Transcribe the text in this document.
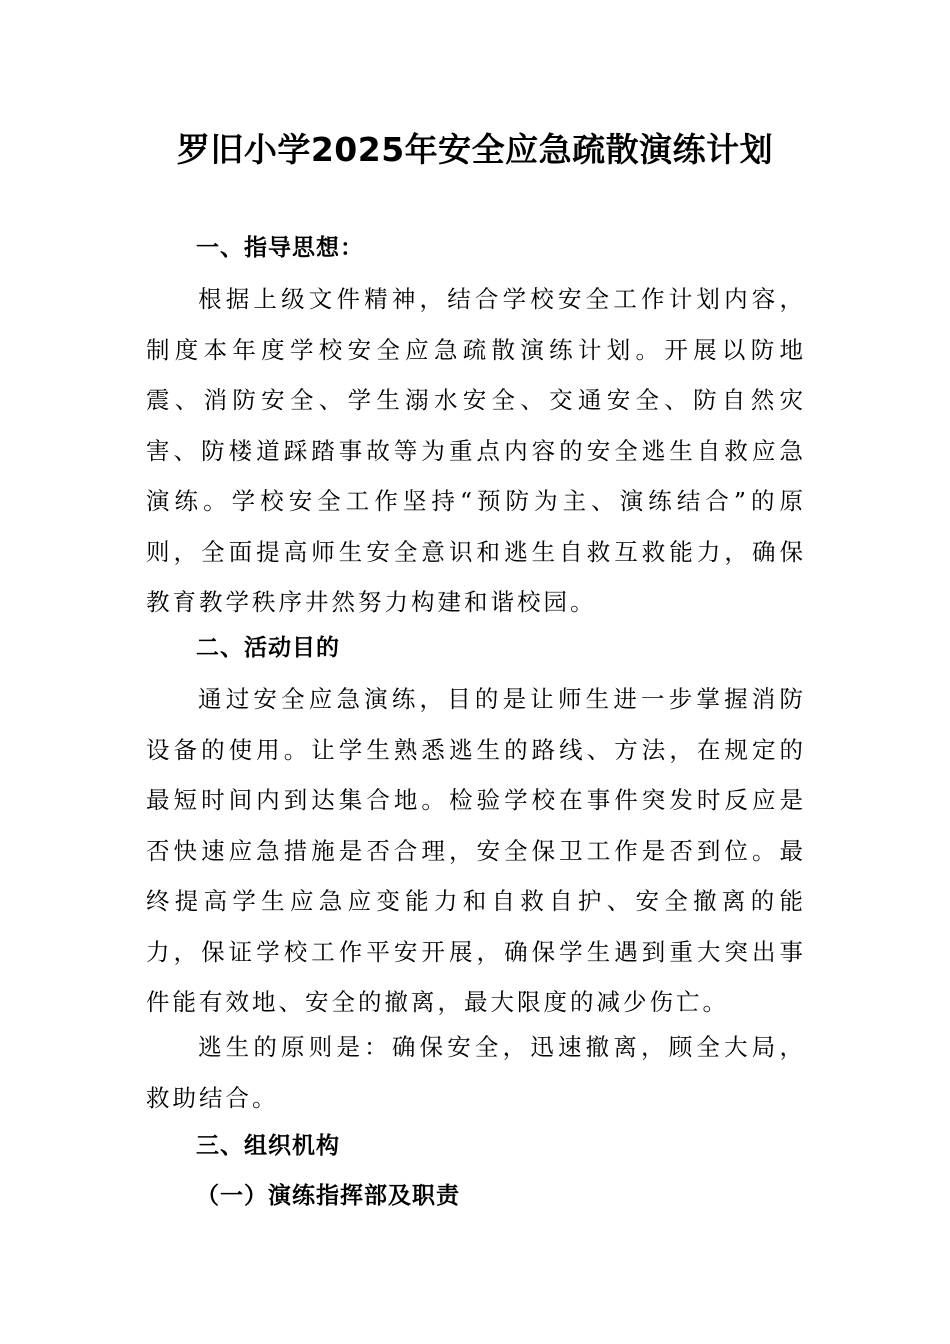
罗旧小学2025年安全应急疏散演练计划
一、指导思想：

根据上级文件精神，结合学校安全工作计划内容，制度本年度学校安全应急疏散演练计划。开展以防地震、消防安全、学生溺水安全、交通安全、防自然灾害、防楼道踩踏事故等为重点内容的安全逃生自救应急演练。学校安全工作坚持“预防为主、演练结合”的原则，全面提高师生安全意识和逃生自救互救能力，确保教育教学秩序井然努力构建和谐校园。

二、活动目的

通过安全应急演练，目的是让师生进一步掌握消防设备的使用。让学生熟悉逃生的路线、方法，在规定的最短时间内到达集合地。检验学校在事件突发时反应是否快速应急措施是否合理，安全保卫工作是否到位。最终提高学生应急应变能力和自救自护、安全撤离的能力，保证学校工作平安开展，确保学生遇到重大突出事件能有效地、安全的撤离，最大限度的减少伤亡。

逃生的原则是：确保安全，迅速撤离，顾全大局，救助结合。

三、组织机构
（一）演练指挥部及职责
